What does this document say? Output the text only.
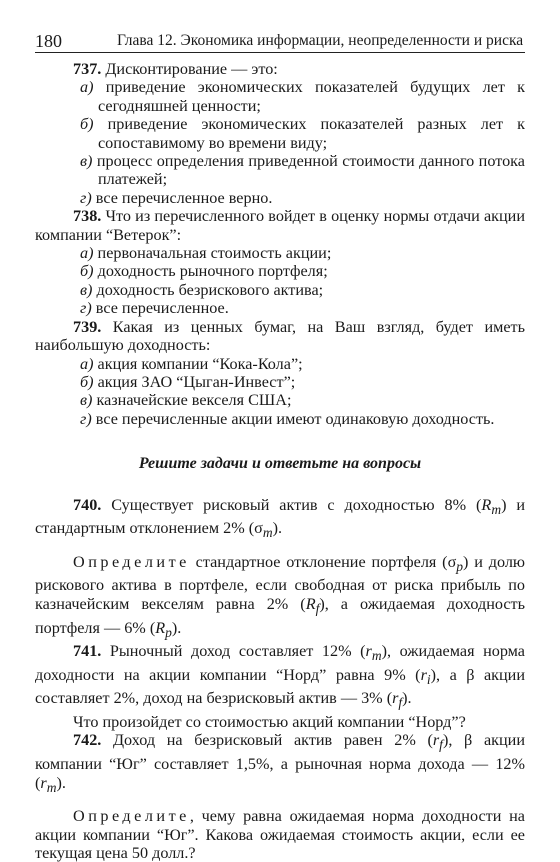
180	Глава 12. Экономика информации, неопределенности и риска

737. Дисконтирование — это:

а) приведение экономических показателей будущих лет к сегодняшней ценности;

б) приведение экономических показателей разных лет к сопоставимому во времени виду;

в) процесс определения приведенной стоимости данного потока платежей;

г) все перечисленное верно.

738. Что из перечисленного войдет в оценку нормы отдачи акции компании “Ветерок”:

а) первоначальная стоимость акции;

б) доходность рыночного портфеля;

в) доходность безрискового актива;

г) все перечисленное.

739. Какая из ценных бумаг, на Ваш взгляд, будет иметь наибольшую доходность:

а) акция компании “Кока-Кола”;

б) акция ЗАО “Цыган-Инвест”;

в) казначейские векселя США;

г) все перечисленные акции имеют одинаковую доходность.

Решите задачи и ответьте на вопросы

740. Существует рисковый актив с доходностью 8% $(R_m)$ и стандартным отклонением 2% $(\sigma_m)$.

Определите стандартное отклонение портфеля $(\sigma_p)$ и долю рискового актива в портфеле, если свободная от риска прибыль по казначейским векселям равна 2% $(R_f)$, а ожидаемая доходность портфеля — 6% $(R_p)$.

741. Рыночный доход составляет 12% $(r_m)$, ожидаемая норма доходности на акции компании “Норд” равна 9% $(r_i)$, а β акции составляет 2%, доход на безрисковый актив — 3% $(r_f)$.

Что произойдет со стоимостью акций компании “Норд”?

742. Доход на безрисковый актив равен 2% $(r_f)$, β акции компании “Юг” составляет 1,5%, а рыночная норма дохода — 12% $(r_m)$.

Определите, чему равна ожидаемая норма доходности на акции компании “Юг”. Какова ожидаемая стоимость акции, если ее текущая цена 50 долл.?
